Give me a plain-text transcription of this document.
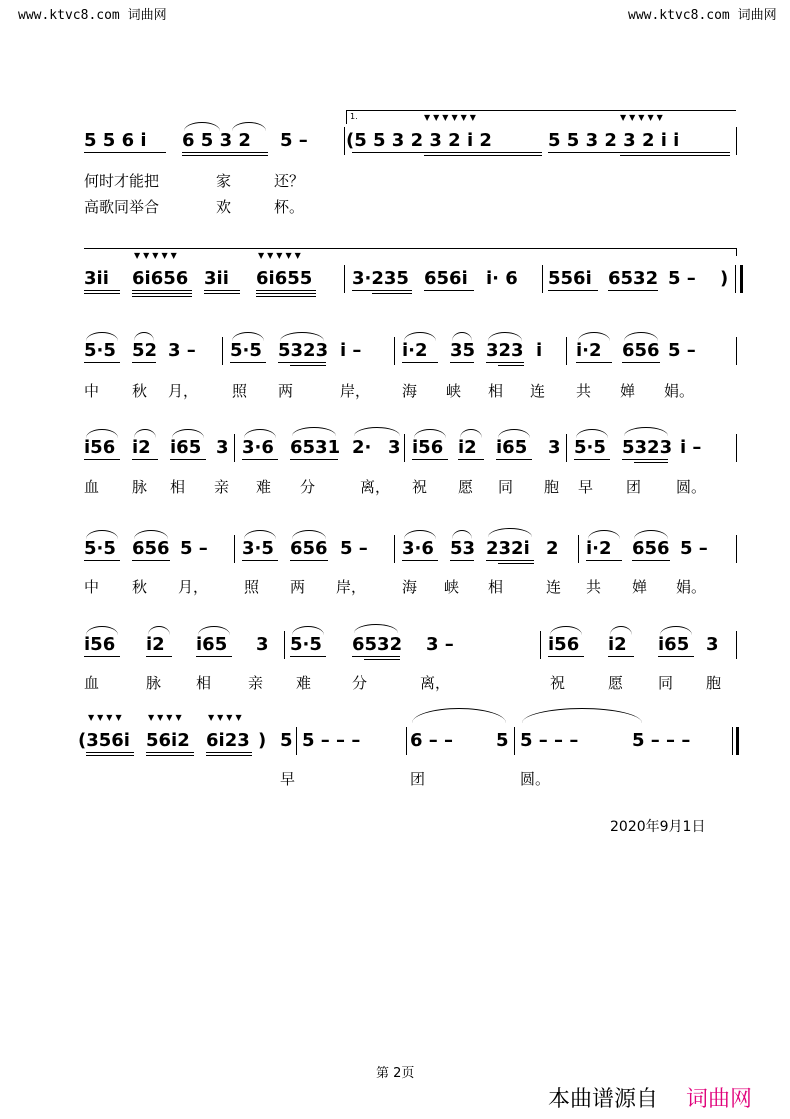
www.ktvc8.com 词曲网	www.ktvc8.com 词曲网
1.
5 5 6 i̇ 6 5 3 2 5 – (5 5 3 2 3 2 i̇ 2	5 5 3 2 3 2 i̇ i̇
▼▼▼▼▼▼	▼▼▼▼▼
何时才能把	家	还？
高歌同举合	欢	杯。
3i̇i̇ 6i̇656 3i̇i̇ 6i̇655 3·235 656i̇ i̇· 6 556i̇ 6532 5 – )
▼▼▼▼▼	▼▼▼▼▼
5·5 52 3 – 5·5 5323 i̇ – i̇·2 35 323 i̇ i̇·2 656 5 –
中 秋 月， 照 两	岸， 海 峡 相 连 共 婵 娟。
i̇56 i̇2 i̇65 3 3·6 6531 2· 3 i̇56 i̇2 i̇65 3 5·5 5323 i̇ –
血 脉 相 亲 难 分	离， 祝 愿 同 胞 早 团 圆。
5·5 656 5 – 3·5 656 5 – 3·6 53 232i̇ 2 i̇·2 656 5 –
中 秋 月， 照 两 岸， 海 峡 相	连 共 婵 娟。
i̇56 i̇2 i̇65 3 5·5 6532 3 –	i̇56 i̇2 i̇65 3
血	脉 相 亲 难	分	离，	祝	愿 同 胞
(356i̇ 56i̇2 6i̇23 ) 5 5 – – –	6 – – 5 5 – – –	5 – – –
▼▼▼▼	▼▼▼▼	▼▼▼▼
早	团	圆。
2020年9月1日
第 2页
本曲谱源自 词曲网
